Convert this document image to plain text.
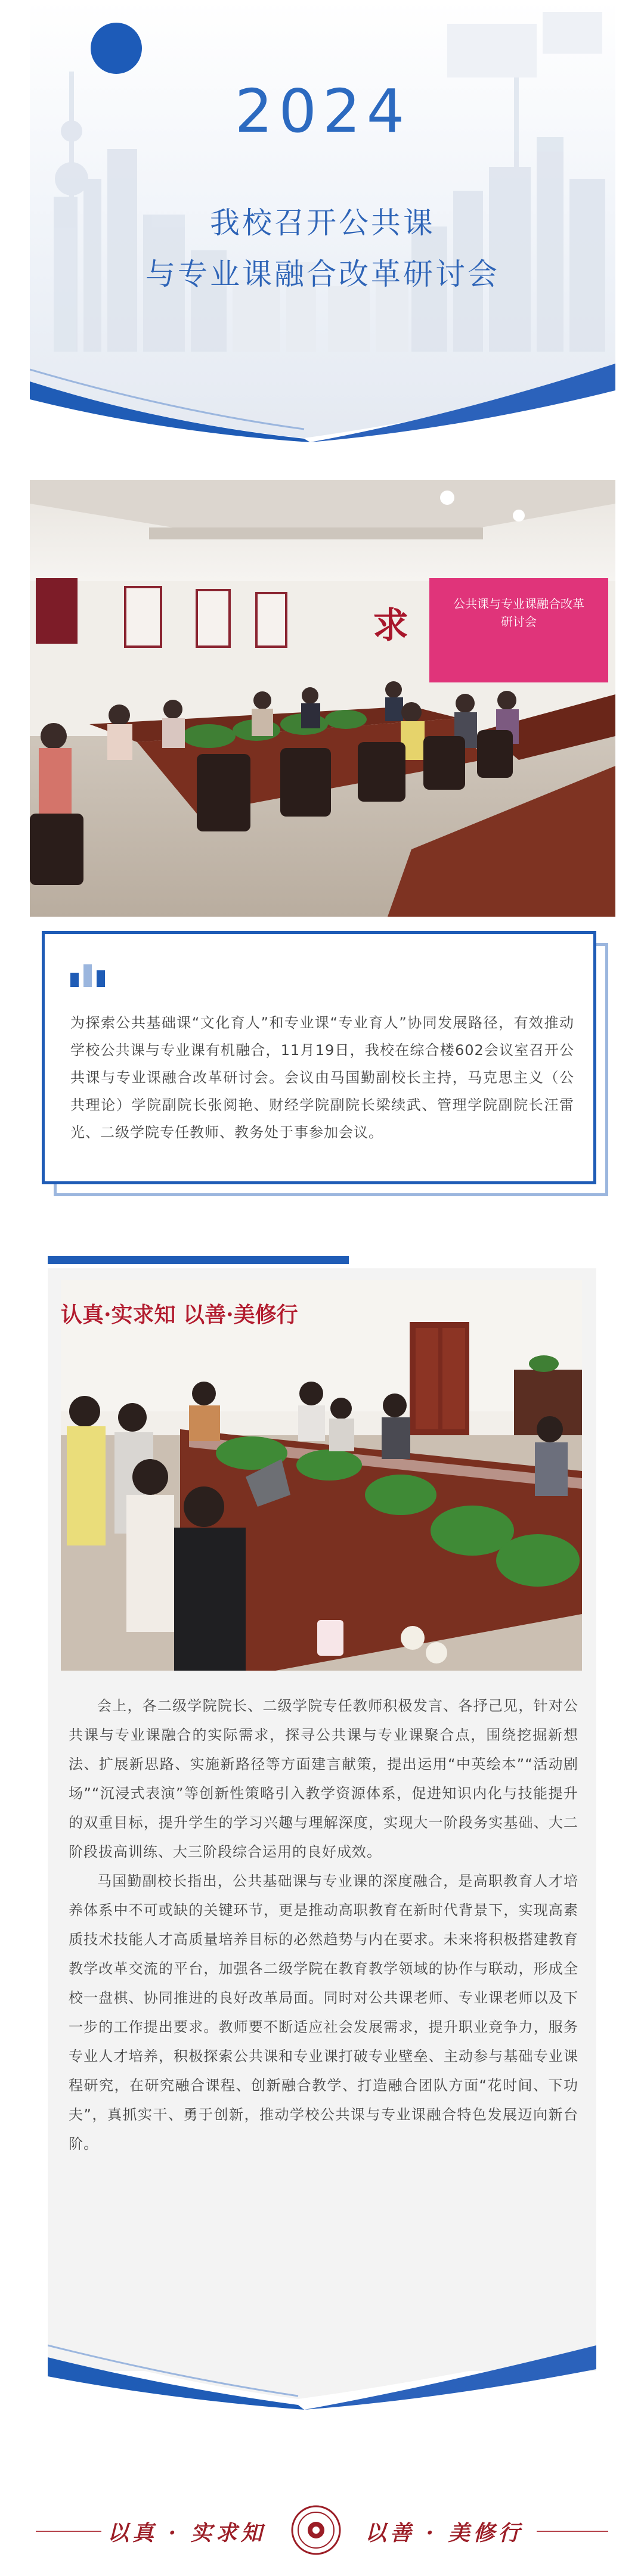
2024
我校召开公共课
与专业课融合改革研讨会
公共课与专业课融合改革
研讨会
求
为探索公共基础课“文化育人”和专业课“专业育人”协同发展路径，有效推动学校公共课与专业课有机融合，11月19日，我校在综合楼602会议室召开公共课与专业课融合改革研讨会。会议由马国勤副校长主持，马克思主义（公共理论）学院副院长张阅艳、财经学院副院长梁续武、管理学院副院长汪雷光、二级学院专任教师、教务处于事参加会议。
认真·实求知 以善·美修行

会上，各二级学院院长、二级学院专任教师积极发言、各抒己见，针对公共课与专业课融合的实际需求，探寻公共课与专业课聚合点，围绕挖掘新想法、扩展新思路、实施新路径等方面建言献策，提出运用“中英绘本”“活动剧场”“沉浸式表演”等创新性策略引入教学资源体系，促进知识内化与技能提升的双重目标，提升学生的学习兴趣与理解深度，实现大一阶段务实基础、大二阶段拔高训练、大三阶段综合运用的良好成效。

马国勤副校长指出，公共基础课与专业课的深度融合，是高职教育人才培养体系中不可或缺的关键环节，更是推动高职教育在新时代背景下，实现高素质技术技能人才高质量培养目标的必然趋势与内在要求。未来将积极搭建教育教学改革交流的平台，加强各二级学院在教育教学领域的协作与联动，形成全校一盘棋、协同推进的良好改革局面。同时对公共课老师、专业课老师以及下一步的工作提出要求。教师要不断适应社会发展需求，提升职业竞争力，服务专业人才培养，积极探索公共课和专业课打破专业壁垒、主动参与基础专业课程研究，在研究融合课程、创新融合教学、打造融合团队方面“花时间、下功夫”，真抓实干、勇于创新，推动学校公共课与专业课融合特色发展迈向新台阶。

以真 · 实求知	以善 · 美修行
